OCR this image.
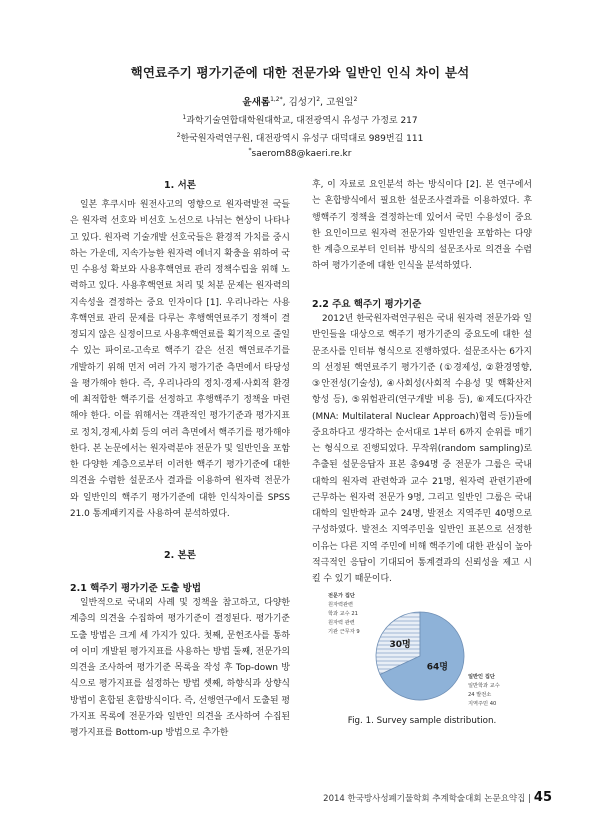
핵연료주기 평가기준에 대한 전문가와 일반인 인식 차이 분석
윤새롬$^{1,2*}$, 김성기$^2$, 고원일$^2$
$^1$과학기술연합대학원대학교, 대전광역시 유성구 가정로 217
$^2$한국원자력연구원, 대전광역시 유성구 대덕대로 989번길 111
*saerom88@kaeri.re.kr
1. 서론

일본 후쿠시마 원전사고의 영향으로 원자력발전 국들은 원자력 선호와 비선호 노선으로 나뉘는 현상이 나타나고 있다. 원자력 기술개발 선호국들은 환경적 가치를 중시하는 가운데, 지속가능한 원자력 에너지 확충을 위하여 국민 수용성 확보와 사용후핵연료 관리 정책수립을 위해 노력하고 있다. 사용후핵연료 처리 및 처분 문제는 원자력의 지속성을 결정하는 중요 인자이다 [1]. 우리나라는 사용후핵연료 관리 문제를 다루는 후행핵연료주기 정책이 결정되지 않은 실정이므로 사용후핵연료를 획기적으로 줄일 수 있는 파이로-고속로 핵주기 같은 선진 핵연료주기를 개발하기 위해 먼저 여러 가지 평가기준 측면에서 타당성을 평가해야 한다. 즉, 우리나라의 정치·경제·사회적 환경에 최적합한 핵주기를 선정하고 후행핵주기 정책을 마련해야 한다. 이를 위해서는 객관적인 평가기준과 평가지표로 정치,경제,사회 등의 여러 측면에서 핵주기를 평가해야 한다. 본 논문에서는 원자력분야 전문가 및 일반인을 포함한 다양한 계층으로부터 이러한 핵주기 평가기준에 대한 의견을 수렴한 설문조사 결과를 이용하여 원자력 전문가와 일반인의 핵주기 평가기준에 대한 인식차이를 SPSS 21.0 통계패키지를 사용하여 분석하였다.

2. 본론
2.1 핵주기 평가기준 도출 방법

일반적으로 국내외 사례 및 정책을 참고하고, 다양한 계층의 의견을 수집하여 평가기준이 결정된다. 평가기준 도출 방법은 크게 세 가지가 있다. 첫째, 문헌조사를 통하여 이미 개발된 평가지표를 사용하는 방법 둘째, 전문가의 의견을 조사하여 평가기준 목록을 작성 후 Top-down 방식으로 평가지표를 설정하는 방법 셋째, 하향식과 상향식 방법이 혼합된 혼합방식이다. 즉, 선행연구에서 도출된 평가지표 목록에 전문가와 일반인 의견을 조사하여 수집된 평가지표를 Bottom-up 방법으로 추가한

후, 이 자료로 요인분석 하는 방식이다 [2]. 본 연구에서는 혼합방식에서 필요한 설문조사결과를 이용하였다. 후행핵주기 정책을 결정하는데 있어서 국민 수용성이 중요한 요인이므로 원자력 전문가와 일반인을 포함하는 다양한 계층으로부터 인터뷰 방식의 설문조사로 의견을 수렴하여 평가기준에 대한 인식을 분석하였다.

2.2 주요 핵주기 평가기준

2012년 한국원자력연구원은 국내 원자력 전문가와 일반인들을 대상으로 핵주기 평가기준의 중요도에 대한 설문조사를 인터뷰 형식으로 진행하였다. 설문조사는 6가지의 선정된 핵연료주기 평가기준 (①경제성, ②환경영향, ③안전성(기술성), ④사회성(사회적 수용성 및 핵확산저항성 등), ⑤위험관리(연구개발 비용 등), ⑥제도(다자간(MNA: Multilateral Nuclear Approach)협력 등))들에 중요하다고 생각하는 순서대로 1부터 6까지 순위를 매기는 형식으로 진행되었다. 무작위(random sampling)로 추출된 설문응답자 표본 총94명 중 전문가 그룹은 국내 대학의 원자력 관련학과 교수 21명, 원자력 관련기관에 근무하는 원자력 전문가 9명, 그리고 일반인 그룹은 국내 대학의 일반학과 교수 24명, 발전소 지역주민 40명으로 구성하였다. 발전소 지역주민을 일반인 표본으로 선정한 이유는 다른 지역 주민에 비해 핵주기에 대한 관심이 높아 적극적인 응답이 기대되어 통계결과의 신뢰성을 제고 시킬 수 있기 때문이다.

30명
64명
전문가 집단
원자력관련
학과 교수 21
원자력 관련
기관 근무자 9
일반인 집단
일반학과 교수
24 발전소
지역주민 40
Fig. 1. Survey sample distribution.
2014 한국방사성폐기물학회 추계학술대회 논문요약집 | 45
